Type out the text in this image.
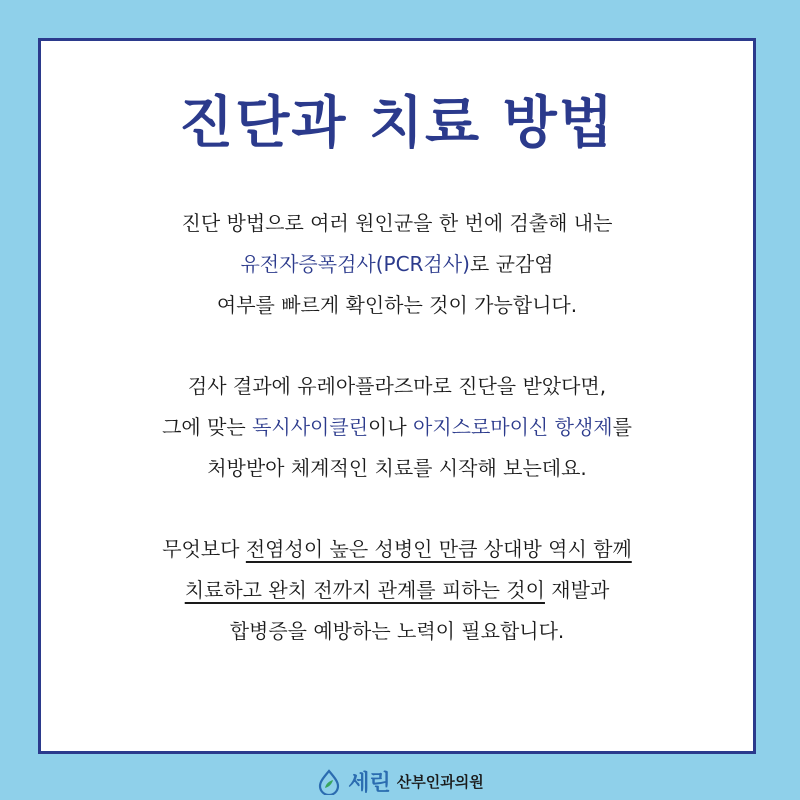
진단과 치료 방법

진단 방법으로 여러 원인균을 한 번에 검출해 내는

유전자증폭검사(PCR검사)로 균감염

여부를 빠르게 확인하는 것이 가능합니다.

검사 결과에 유레아플라즈마로 진단을 받았다면,

그에 맞는 독시사이클린이나 아지스로마이신 항생제를

처방받아 체계적인 치료를 시작해 보는데요.

무엇보다 전염성이 높은 성병인 만큼 상대방 역시 함께

치료하고 완치 전까지 관계를 피하는 것이 재발과

합병증을 예방하는 노력이 필요합니다.

세린 산부인과의원
